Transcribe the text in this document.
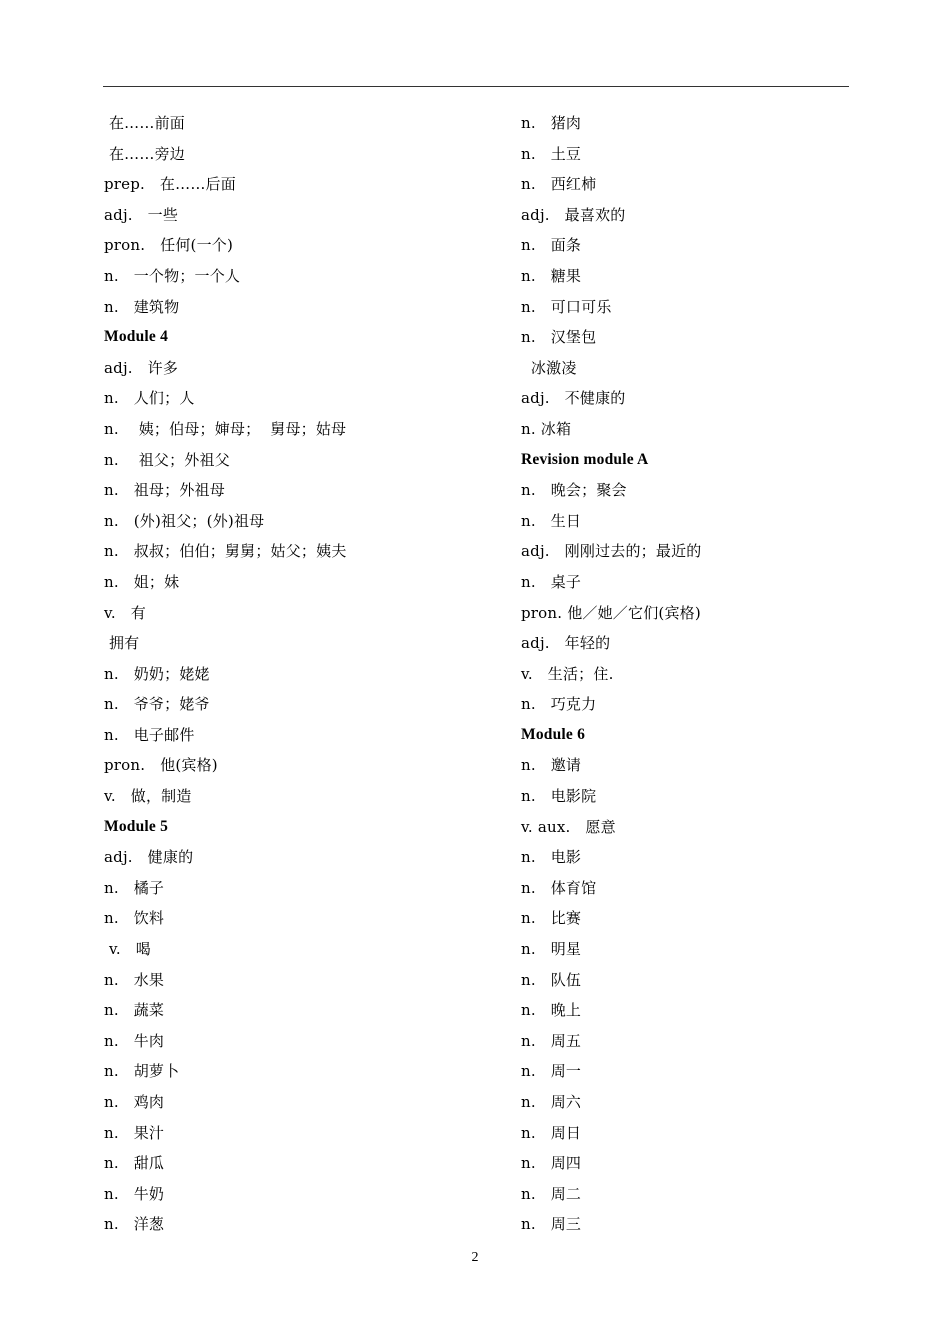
在……前面
在……旁边
prep.   在……后面
adj.   一些
pron.   任何(一个)
n.   一个物；一个人
n.   建筑物
Module 4
adj.   许多
n.   人们；人
n.    姨；伯母；婶母；  舅母；姑母
n.    祖父；外祖父
n.   祖母；外祖母
n.   (外)祖父；(外)祖母
n.   叔叔；伯伯；舅舅；姑父；姨夫
n.   姐；妹
v.   有
拥有
n.   奶奶；姥姥
n.   爷爷；姥爷
n.   电子邮件
pron.   他(宾格)
v.   做，制造
Module 5
adj.   健康的
n.   橘子
n.   饮料
v.   喝
n.   水果
n.   蔬菜
n.   牛肉
n.   胡萝卜
n.   鸡肉
n.   果汁
n.   甜瓜
n.   牛奶
n.   洋葱
n.   猪肉
n.   土豆
n.   西红柿
adj.   最喜欢的
n.   面条
n.   糖果
n.   可口可乐
n.   汉堡包
冰激凌
adj.   不健康的
n. 冰箱
Revision module A
n.   晚会；聚会
n.   生日
adj.   刚刚过去的；最近的
n.   桌子
pron. 他／她／它们(宾格)
adj.   年轻的
v.   生活；住.
n.   巧克力
Module 6
n.   邀请
n.   电影院
v. aux.   愿意
n.   电影
n.   体育馆
n.   比赛
n.   明星
n.   队伍
n.   晚上
n.   周五
n.   周一
n.   周六
n.   周日
n.   周四
n.   周二
n.   周三
2
